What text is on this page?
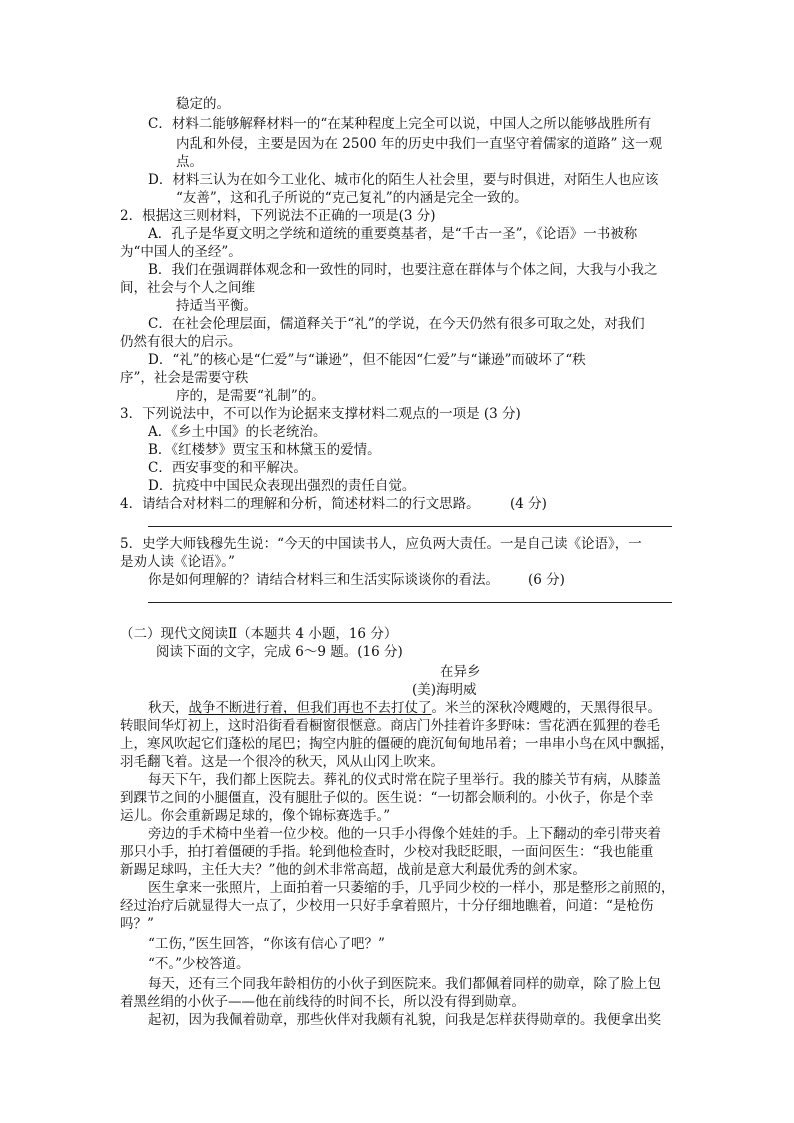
稳定的。
C．材料二能够解释材料一的“在某种程度上完全可以说，中国人之所以能够战胜所有
内乱和外侵，主要是因为在 2500 年的历史中我们一直坚守着儒家的道路” 这一观
点。
D．材料三认为在如今工业化、城市化的陌生人社会里，要与时俱进，对陌生人也应该
“友善”，这和孔子所说的“克己复礼”的内涵是完全一致的。
2．根据这三则材料，下列说法不正确的一项是(3 分)
A．孔子是华夏文明之学统和道统的重要奠基者，是“千古一圣”，《论语》一书被称
为“中国人的圣经”。
B．我们在强调群体观念和一致性的同时，也要注意在群体与个体之间，大我与小我之
间，社会与个人之间维
持适当平衡。
C．在社会伦理层面，儒道释关于“礼”的学说，在今天仍然有很多可取之处，对我们
仍然有很大的启示。
D．“礼”的核心是“仁爱”与“谦逊”，但不能因“仁爱”与“谦逊”而破坏了“秩
序”，社会是需要守秩
序的，是需要“礼制”的。
3．下列说法中，不可以作为论据来支撑材料二观点的一项是 (3 分)
A．《乡土中国》的长老统治。
B．《红楼梦》贾宝玉和林黛玉的爱情。
C．西安事变的和平解决。
D．抗疫中中国民众表现出强烈的责任自觉。
4．请结合对材料二的理解和分析，简述材料二的行文思路。 (4 分)
5．史学大师钱穆先生说：“今天的中国读书人，应负两大责任。一是自己读《论语》，一
是劝人读《论语》。”
你是如何理解的？请结合材料三和生活实际谈谈你的看法。 (6 分)
（二）现代文阅读Ⅱ（本题共 4 小题，16 分）
阅读下面的文字，完成 6～9 题。(16 分)
在异乡
(美)海明威
秋天，战争不断进行着，但我们再也不去打仗了。米兰的深秋冷飕飕的，天黑得很早。
转眼间华灯初上，这时沿街看看橱窗很惬意。商店门外挂着许多野味：雪花洒在狐狸的卷毛
上，寒风吹起它们蓬松的尾巴；掏空内脏的僵硬的鹿沉甸甸地吊着；一串串小鸟在风中飘摇，
羽毛翻飞着。这是一个很冷的秋天，风从山冈上吹来。
每天下午，我们都上医院去。葬礼的仪式时常在院子里举行。我的膝关节有病，从膝盖
到踝节之间的小腿僵直，没有腿肚子似的。医生说：“一切都会顺利的。小伙子，你是个幸
运儿。你会重新踢足球的，像个锦标赛选手。”
旁边的手术椅中坐着一位少校。他的一只手小得像个娃娃的手。上下翻动的牵引带夹着
那只小手，拍打着僵硬的手指。轮到他检查时，少校对我眨眨眼，一面问医生：“我也能重
新踢足球吗，主任大夫？”他的剑术非常高超，战前是意大利最优秀的剑术家。
医生拿来一张照片，上面拍着一只萎缩的手，几乎同少校的一样小，那是整形之前照的，
经过治疗后就显得大一点了，少校用一只好手拿着照片，十分仔细地瞧着，问道：“是枪伤
吗？”
“工伤，”医生回答，“你该有信心了吧？”
“不。”少校答道。
每天，还有三个同我年龄相仿的小伙子到医院来。我们都佩着同样的勋章，除了脸上包
着黑丝绢的小伙子——他在前线待的时间不长，所以没有得到勋章。
起初，因为我佩着勋章，那些伙伴对我颇有礼貌，问我是怎样获得勋章的。我便拿出奖
